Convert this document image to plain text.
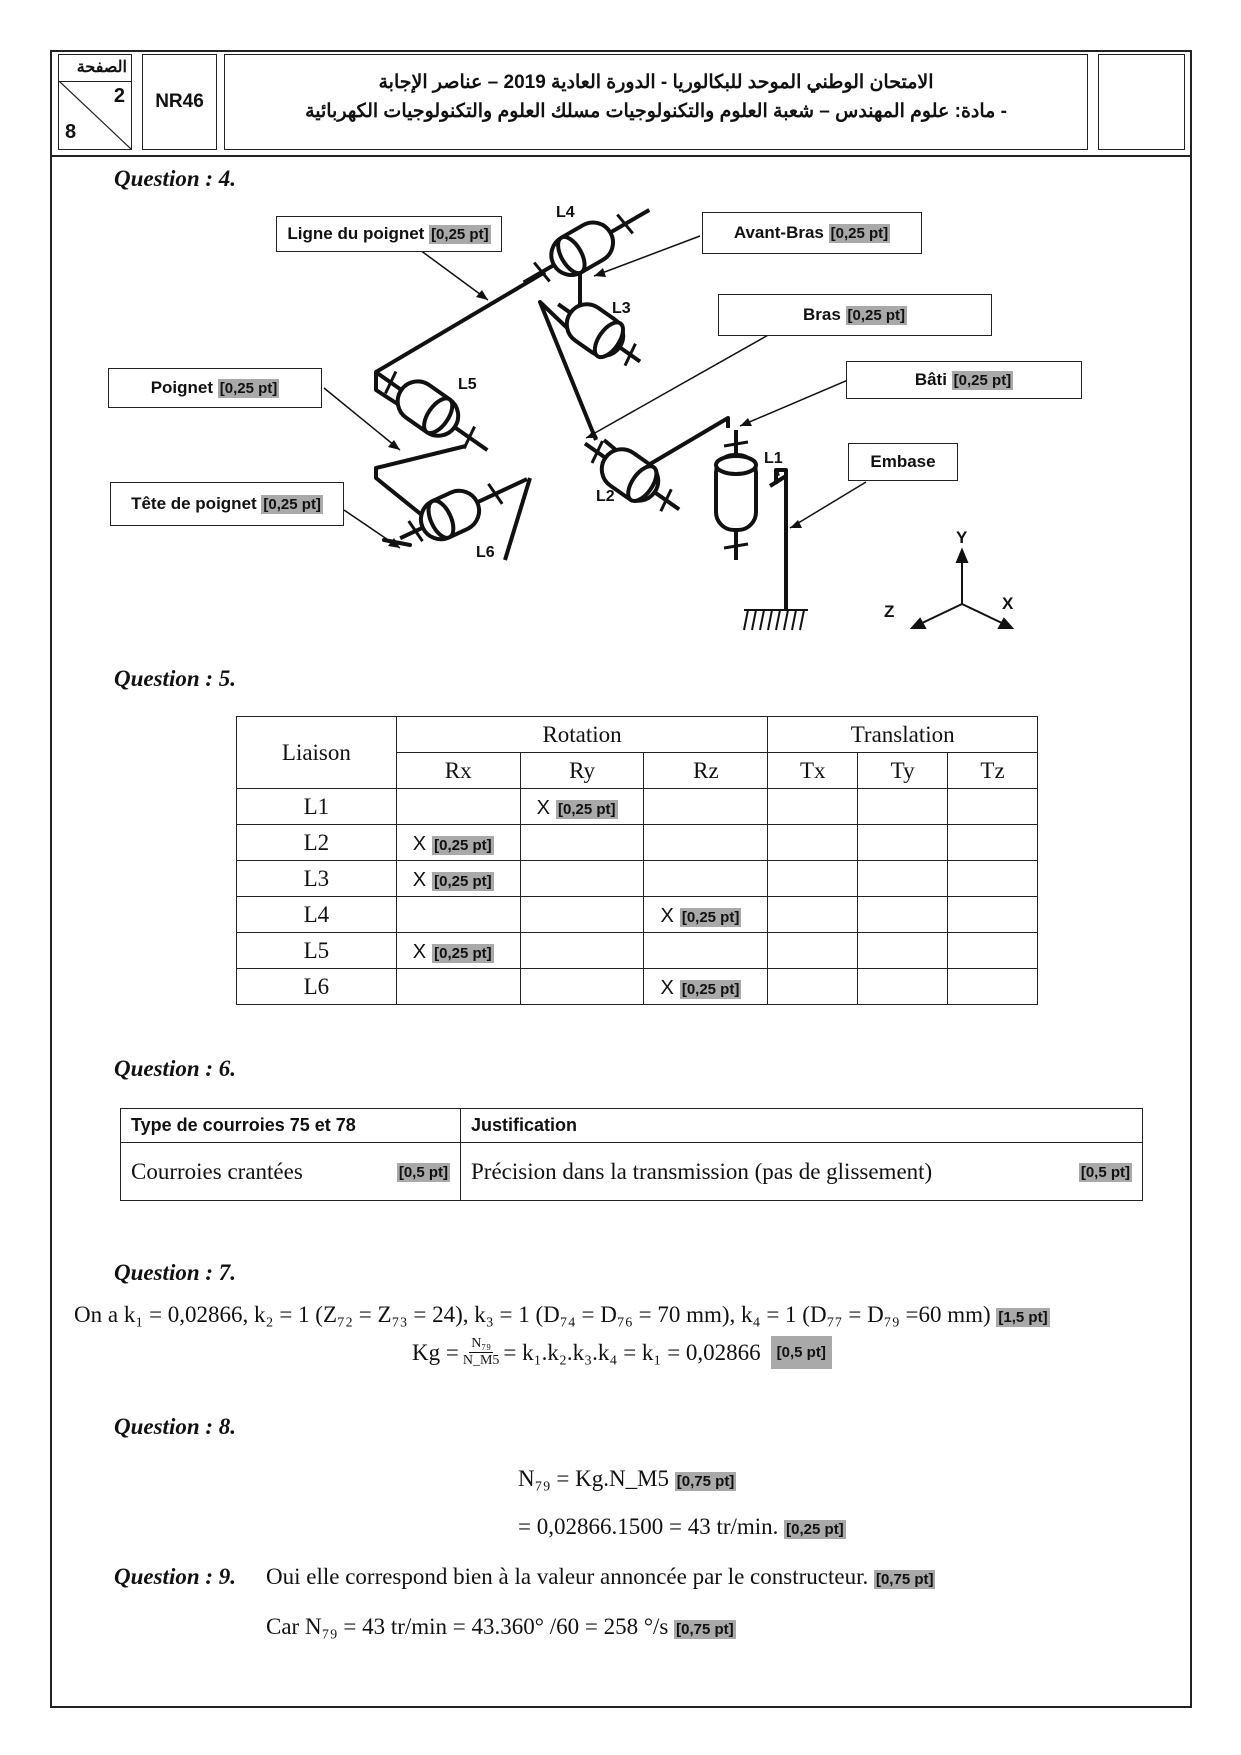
الصفحة
2
8
NR46
الامتحان الوطني الموحد للبكالوريا - الدورة العادية 2019 – عناصر الإجابة
- مادة: علوم المهندس – شعبة العلوم والتكنولوجيات مسلك العلوم والتكنولوجيات الكهربائية
Question : 4.
L4
L3
L5
L2
L1
L6
Y
X
Z
Ligne du poignet
[0,25 pt]	Avant-Bras
[0,25 pt]
Bras
[0,25 pt]
Bâti
[0,25 pt]
Poignet
[0,25 pt]
Tête de poignet
[0,25 pt]
Embase
Question : 5.
Liaison	Rotation			Translation		
	Rx	Ry	Rz	Tx	Ty	Tz
L1		X [0,25 pt]				
L2	X [0,25 pt]					
L3	X [0,25 pt]					
L4			X [0,25 pt]			
L5	X [0,25 pt]					
L6			X [0,25 pt]			
Question : 6.
Type de courroies 75 et 78	Justification
Courroies crantées [0,5 pt]	Précision dans la transmission (pas de glissement) [0,5 pt]
Question : 7.
On a k₁ = 0,02866, k₂ = 1 (Z₇₂ = Z₇₃ = 24), k₃ = 1 (D₇₄ = D₇₆ = 70 mm), k₄ = 1 (D₇₇ = D₇₉ =60 mm) [1,5 pt]
$Kg = \frac{\text{N₇₉}}{N\_M5} = k_1.k_2.k_3.k_4 = k_1 = 0,02866$	[0,5 pt]
Question : 8.
N₇₉ = Kg.N_M5 [0,75 pt]
= 0,02866.1500 = 43 tr/min. [0,25 pt]
Question : 9. Oui elle correspond bien à la valeur annoncée par le constructeur. [0,75 pt]
Car N₇₉ = 43 tr/min = 43.360° /60 = 258 °/s [0,75 pt]
